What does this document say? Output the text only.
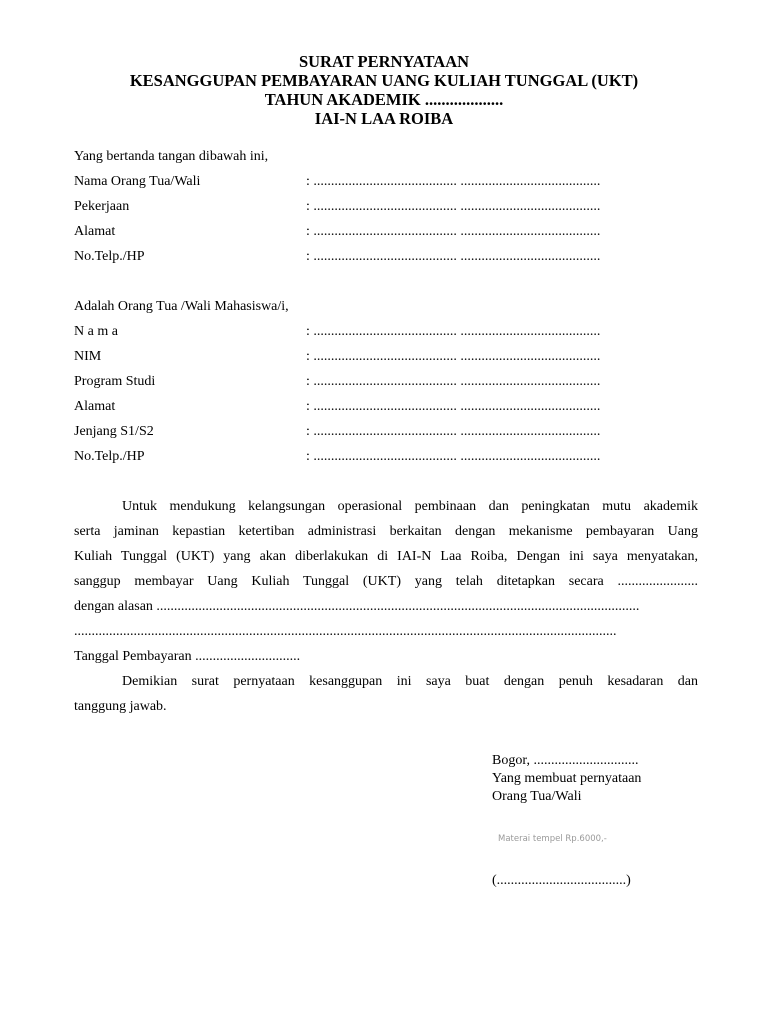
SURAT PERNYATAAN
KESANGGUPAN PEMBAYARAN UANG KULIAH TUNGGAL (UKT)
TAHUN AKADEMIK ...................
IAI-N LAA ROIBA
Yang bertanda tangan dibawah ini,
Nama Orang Tua/Wali	: ......................................... ........................................
Pekerjaan	: ......................................... ........................................
Alamat	: ......................................... ........................................
No.Telp./HP	: ......................................... ........................................
Adalah Orang Tua /Wali Mahasiswa/i,
N a m a	: ......................................... ........................................
NIM	: ......................................... ........................................
Program Studi	: ......................................... ........................................
Alamat	: ......................................... ........................................
Jenjang S1/S2	: ......................................... ........................................
No.Telp./HP	: ......................................... ........................................
Untuk mendukung kelangsungan operasional pembinaan dan peningkatan mutu akademik
serta jaminan kepastian ketertiban administrasi berkaitan dengan mekanisme pembayaran Uang
Kuliah Tunggal (UKT) yang akan diberlakukan di IAI-N Laa Roiba, Dengan ini saya menyatakan,
sanggup membayar Uang Kuliah Tunggal (UKT) yang telah ditetapkan secara .......................
dengan alasan ..........................................................................................................................................
...........................................................................................................................................................
Tanggal Pembayaran ..............................
Demikian surat pernyataan kesanggupan ini saya buat dengan penuh kesadaran dan
tanggung jawab.
Bogor, ..............................
Yang membuat pernyataan
Orang Tua/Wali
Materai tempel Rp.6000,-
(.....................................)
